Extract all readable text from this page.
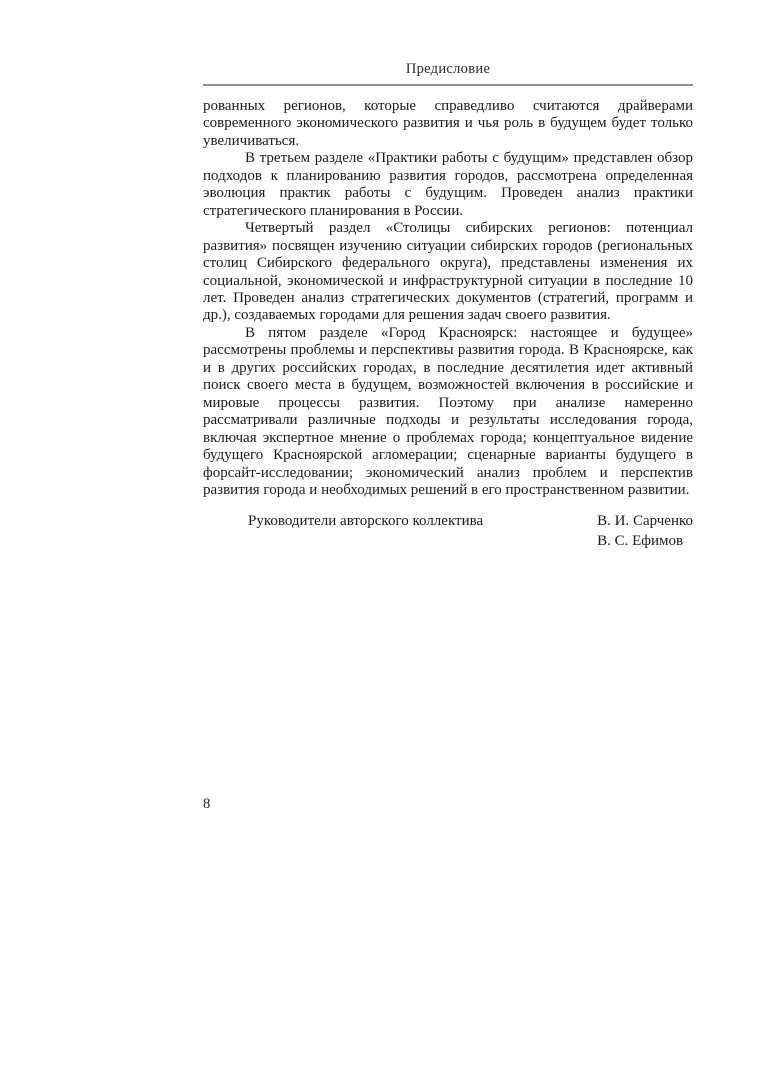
Предисловие

рованных регионов, которые справедливо считаются драйверами современного экономического развития и чья роль в будущем будет только увеличиваться.

В третьем разделе «Практики работы с будущим» представлен обзор подходов к планированию развития городов, рассмотрена определенная эволюция практик работы с будущим. Проведен анализ практики стратегического планирования в России.

Четвертый раздел «Столицы сибирских регионов: потенциал развития» посвящен изучению ситуации сибирских городов (региональных столиц Сибирского федерального округа), представлены изменения их социальной, экономической и инфраструктурной ситуации в последние 10 лет. Проведен анализ стратегических документов (стратегий, программ и др.), создаваемых городами для решения задач своего развития.

В пятом разделе «Город Красноярск: настоящее и будущее» рассмотрены проблемы и перспективы развития города. В Красноярске, как и в других российских городах, в последние десятилетия идет активный поиск своего места в будущем, возможностей включения в российские и мировые процессы развития. Поэтому при анализе намеренно рассматривали различные подходы и результаты исследования города, включая экспертное мнение о проблемах города; концептуальное видение будущего Красноярской агломерации; сценарные варианты будущего в форсайт-исследовании; экономический анализ проблем и перспектив развития города и необходимых решений в его пространственном развитии.

Руководители авторского коллектива	В. И. Сарченко
В. С. Ефимов
8
